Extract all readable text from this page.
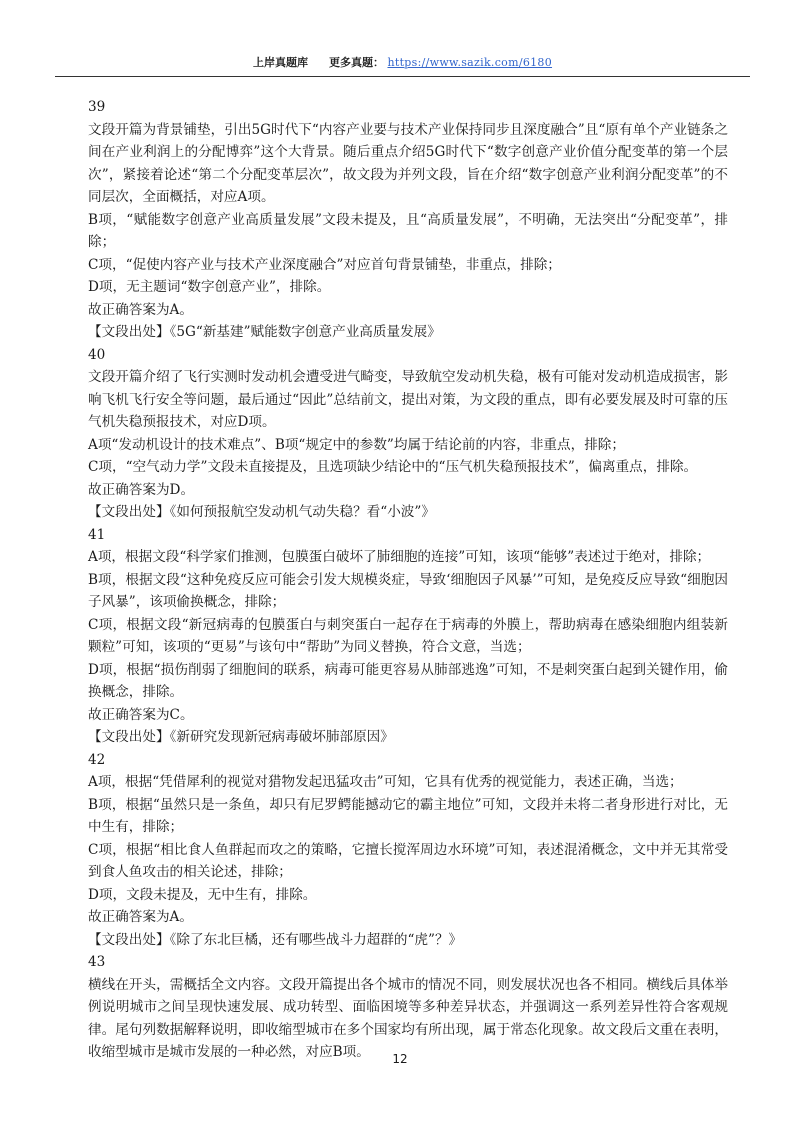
上岸真题库 更多真题： https://www.sazik.com/6180

39

文段开篇为背景铺垫，引出5G时代下“内容产业要与技术产业保持同步且深度融合”且“原有单个产业链条之间在产业利润上的分配博弈”这个大背景。随后重点介绍5G时代下“数字创意产业价值分配变革的第一个层次”，紧接着论述“第二个分配变革层次”，故文段为并列文段，旨在介绍“数字创意产业利润分配变革”的不同层次，全面概括，对应A项。

B项，“赋能数字创意产业高质量发展”文段未提及，且“高质量发展”，不明确，无法突出“分配变革”，排除；

C项，“促使内容产业与技术产业深度融合”对应首句背景铺垫，非重点，排除；

D项，无主题词“数字创意产业”，排除。

故正确答案为A。

【文段出处】《5G“新基建”赋能数字创意产业高质量发展》

40

文段开篇介绍了飞行实测时发动机会遭受进气畸变，导致航空发动机失稳，极有可能对发动机造成损害，影响飞机飞行安全等问题，最后通过“因此”总结前文，提出对策，为文段的重点，即有必要发展及时可靠的压气机失稳预报技术，对应D项。

A项“发动机设计的技术难点”、B项“规定中的参数”均属于结论前的内容，非重点，排除；

C项，“空气动力学”文段未直接提及，且选项缺少结论中的“压气机失稳预报技术”，偏离重点，排除。

故正确答案为D。

【文段出处】《如何预报航空发动机气动失稳？看“小波”》

41

A项，根据文段“科学家们推测，包膜蛋白破坏了肺细胞的连接”可知，该项“能够”表述过于绝对，排除；

B项，根据文段“这种免疫反应可能会引发大规模炎症，导致‘细胞因子风暴’”可知，是免疫反应导致“细胞因子风暴”，该项偷换概念，排除；

C项，根据文段“新冠病毒的包膜蛋白与刺突蛋白一起存在于病毒的外膜上，帮助病毒在感染细胞内组装新颗粒”可知，该项的“更易”与该句中“帮助”为同义替换，符合文意，当选；

D项，根据“损伤削弱了细胞间的联系，病毒可能更容易从肺部逃逸”可知，不是刺突蛋白起到关键作用，偷换概念，排除。

故正确答案为C。

【文段出处】《新研究发现新冠病毒破坏肺部原因》

42

A项，根据“凭借犀利的视觉对猎物发起迅猛攻击”可知，它具有优秀的视觉能力，表述正确，当选；

B项，根据“虽然只是一条鱼，却只有尼罗鳄能撼动它的霸主地位”可知，文段并未将二者身形进行对比，无中生有，排除；

C项，根据“相比食人鱼群起而攻之的策略，它擅长搅浑周边水环境”可知，表述混淆概念，文中并无其常受到食人鱼攻击的相关论述，排除；

D项，文段未提及，无中生有，排除。

故正确答案为A。

【文段出处】《除了东北巨橘，还有哪些战斗力超群的“虎”？》

43

横线在开头，需概括全文内容。文段开篇提出各个城市的情况不同，则发展状况也各不相同。横线后具体举例说明城市之间呈现快速发展、成功转型、面临困境等多种差异状态，并强调这一系列差异性符合客观规律。尾句列数据解释说明，即收缩型城市在多个国家均有所出现，属于常态化现象。故文段后文重在表明，收缩型城市是城市发展的一种必然，对应B项。	12
